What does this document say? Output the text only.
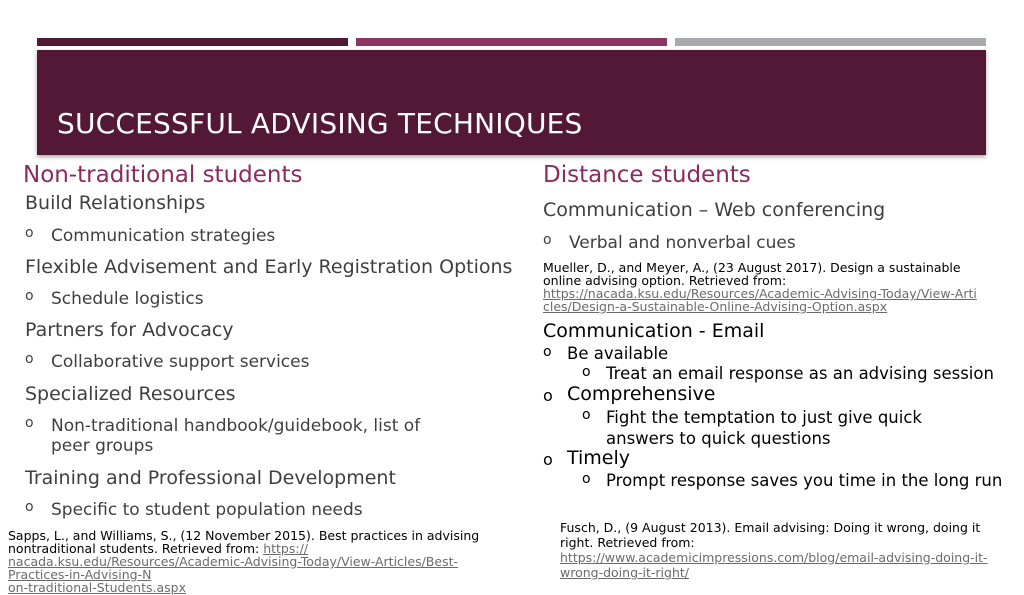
SUCCESSFUL ADVISING TECHNIQUES
Non-traditional students
Build Relationships
o Communication strategies
Flexible Advisement and Early Registration Options
o Schedule logistics
Partners for Advocacy
o Collaborative support services
Specialized Resources
o Non-traditional handbook/guidebook, list of peer groups
Training and Professional Development
o Specific to student population needs
Sapps, L., and Williams, S., (12 November 2015). Best practices in advising nontraditional students. Retrieved from: https://
nacada.ksu.edu/Resources/Academic-Advising-Today/View-Articles/Best-Practices-in-Advising-N
on-traditional-Students.aspx
Distance students
Communication – Web conferencing
o Verbal and nonverbal cues
Mueller, D., and Meyer, A., (23 August 2017). Design a sustainable
online advising option. Retrieved from:
https://nacada.ksu.edu/Resources/Academic-Advising-Today/View-Arti
cles/Design-a-Sustainable-Online-Advising-Option.aspx
Communication - Email
o Be available
o Treat an email response as an advising session
o Comprehensive
o Fight the temptation to just give quick answers to quick questions
o Timely
o Prompt response saves you time in the long run
Fusch, D., (9 August 2013). Email advising: Doing it wrong, doing it
right. Retrieved from:
https://www.academicimpressions.com/blog/email-advising-doing-it-
wrong-doing-it-right/
